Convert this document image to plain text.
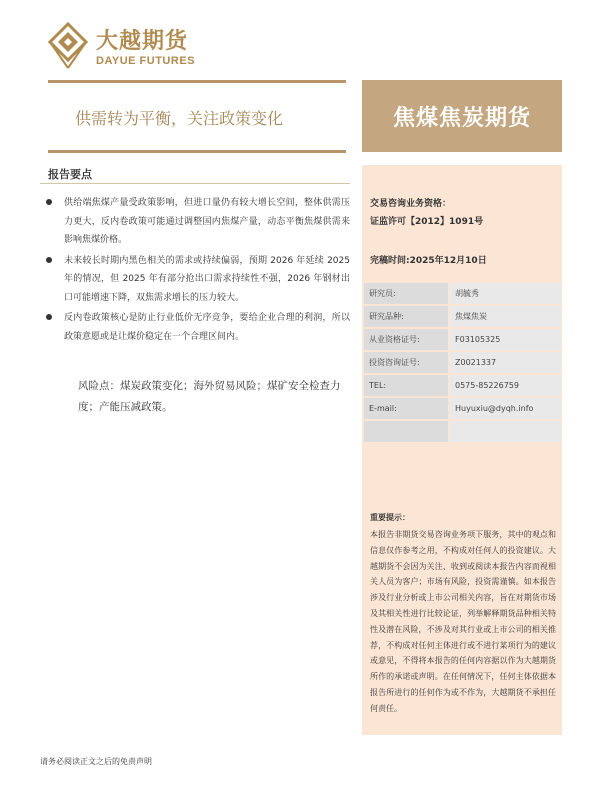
大越期货
DAYUE FUTURES
供需转为平衡，关注政策变化	焦煤焦炭期货
报告要点
供给端焦煤产量受政策影响，但进口量仍有较大增长空间，整体供需压力更大，反内卷政策可能通过调整国内焦煤产量，动态平衡焦煤供需来影响焦煤价格。
未来较长时期内黑色相关的需求或持续偏弱，预期 2026 年延续 2025 年的情况，但 2025 年有部分抢出口需求持续性不强，2026 年钢材出口可能增速下降，双焦需求增长的压力较大。
反内卷政策核心是防止行业低价无序竞争，要给企业合理的利润，所以政策意愿或是让煤价稳定在一个合理区间内。
风险点：煤炭政策变化；海外贸易风险；煤矿安全检查力度；产能压减政策。
交易咨询业务资格：
证监许可【2012】1091号
完稿时间:2025年12月10日
研究员:	胡毓秀
研究品种:	焦煤焦炭
从业资格证号:	F03105325
投资咨询证号:	Z0021337
TEL:	0575-85226759
E-mail:	Huyuxiu@dyqh.info

重要提示：
本报告非期货交易咨询业务项下服务，其中的观点和信息仅作参考之用，不构成对任何人的投资建议。大越期货不会因为关注、收到或阅读本报告内容而视相关人员为客户；市场有风险，投资需谨慎。如本报告涉及行业分析或上市公司相关内容，旨在对期货市场及其相关性进行比较论证，列举解释期货品种相关特性及潜在风险，不涉及对其行业或上市公司的相关推荐，不构成对任何主体进行或不进行某项行为的建议或意见，不得将本报告的任何内容据以作为大越期货所作的承诺或声明。在任何情况下，任何主体依据本报告所进行的任何作为或不作为，大越期货不承担任何责任。
请务必阅读正文之后的免责声明
